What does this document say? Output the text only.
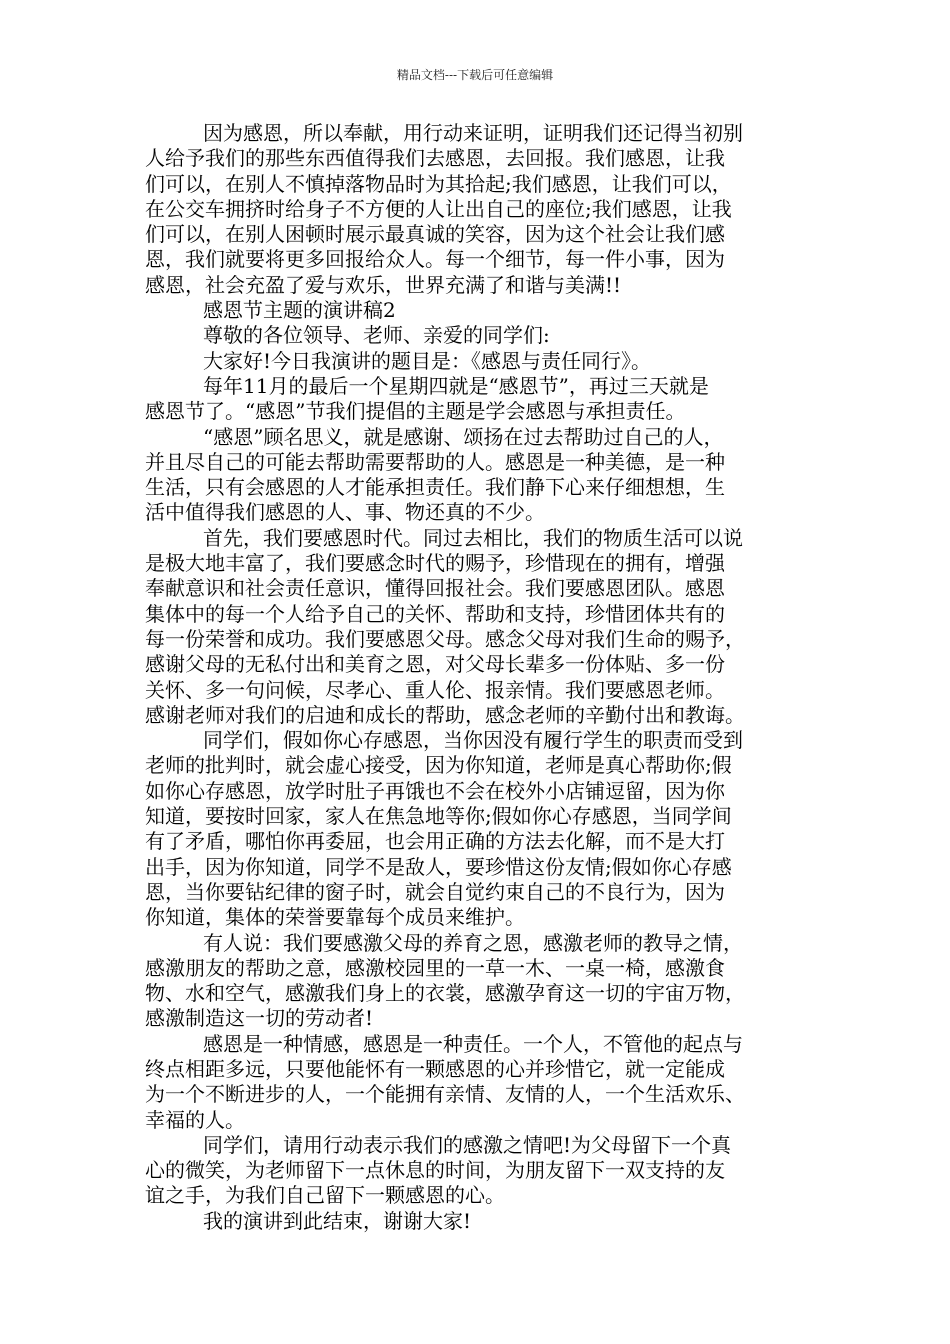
精品文档---下载后可任意编辑
因为感恩，所以奉献，用行动来证明，证明我们还记得当初别
人给予我们的那些东西值得我们去感恩，去回报。我们感恩，让我
们可以，在别人不慎掉落物品时为其拾起;我们感恩，让我们可以，
在公交车拥挤时给身子不方便的人让出自己的座位;我们感恩，让我
们可以，在别人困顿时展示最真诚的笑容，因为这个社会让我们感
恩，我们就要将更多回报给众人。每一个细节，每一件小事，因为
感恩，社会充盈了爱与欢乐，世界充满了和谐与美满!!
感恩节主题的演讲稿2
尊敬的各位领导、老师、亲爱的同学们:
大家好!今日我演讲的题目是：《感恩与责任同行》。
每年11月的最后一个星期四就是“感恩节”，再过三天就是
感恩节了。“感恩”节我们提倡的主题是学会感恩与承担责任。
“感恩”顾名思义，就是感谢、颂扬在过去帮助过自己的人，
并且尽自己的可能去帮助需要帮助的人。感恩是一种美德，是一种
生活，只有会感恩的人才能承担责任。我们静下心来仔细想想，生
活中值得我们感恩的人、事、物还真的不少。
首先，我们要感恩时代。同过去相比，我们的物质生活可以说
是极大地丰富了，我们要感念时代的赐予，珍惜现在的拥有，增强
奉献意识和社会责任意识，懂得回报社会。我们要感恩团队。感恩
集体中的每一个人给予自己的关怀、帮助和支持，珍惜团体共有的
每一份荣誉和成功。我们要感恩父母。感念父母对我们生命的赐予，
感谢父母的无私付出和美育之恩，对父母长辈多一份体贴、多一份
关怀、多一句问候，尽孝心、重人伦、报亲情。我们要感恩老师。
感谢老师对我们的启迪和成长的帮助，感念老师的辛勤付出和教诲。
同学们，假如你心存感恩，当你因没有履行学生的职责而受到
老师的批判时，就会虚心接受，因为你知道，老师是真心帮助你;假
如你心存感恩，放学时肚子再饿也不会在校外小店铺逗留，因为你
知道，要按时回家，家人在焦急地等你;假如你心存感恩，当同学间
有了矛盾，哪怕你再委屈，也会用正确的方法去化解，而不是大打
出手，因为你知道，同学不是敌人，要珍惜这份友情;假如你心存感
恩，当你要钻纪律的窗子时，就会自觉约束自己的不良行为，因为
你知道，集体的荣誉要靠每个成员来维护。
有人说：我们要感激父母的养育之恩，感激老师的教导之情，
感激朋友的帮助之意，感激校园里的一草一木、一桌一椅，感激食
物、水和空气，感激我们身上的衣裳，感激孕育这一切的宇宙万物，
感激制造这一切的劳动者!
感恩是一种情感，感恩是一种责任。一个人，不管他的起点与
终点相距多远，只要他能怀有一颗感恩的心并珍惜它，就一定能成
为一个不断进步的人，一个能拥有亲情、友情的人，一个生活欢乐、
幸福的人。
同学们，请用行动表示我们的感激之情吧!为父母留下一个真
心的微笑，为老师留下一点休息的时间，为朋友留下一双支持的友
谊之手，为我们自己留下一颗感恩的心。
我的演讲到此结束，谢谢大家!
